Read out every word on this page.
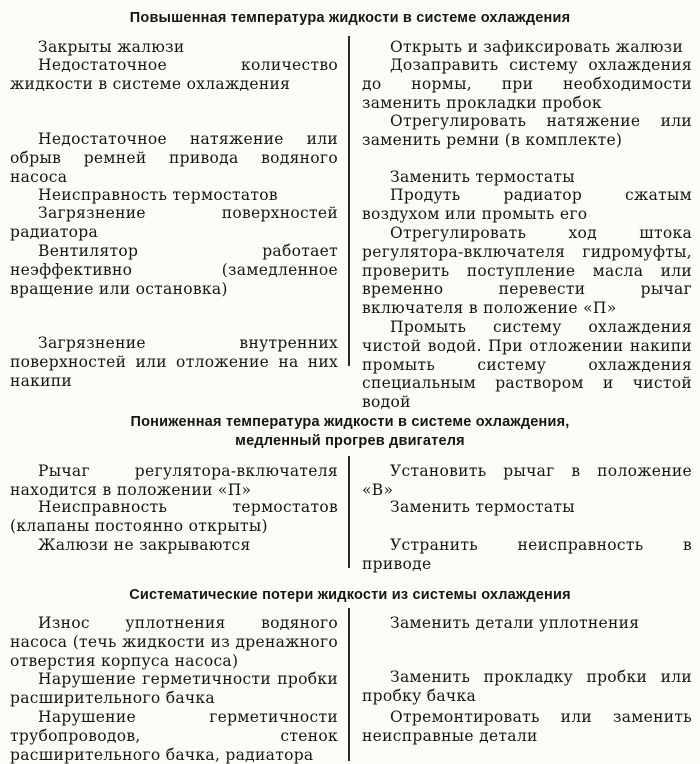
Повышенная температура жидкости в системе охлаждения
Закрыты жалюзи
Недостаточное количество жидкости в системе охлаждения
Недостаточное натяжение или обрыв ремней привода водяного насоса
Неисправность термостатов
Загрязнение поверхностей радиатора
Вентилятор работает неэффективно (замедленное вращение или остановка)
Загрязнение внутренних поверхностей или отложение на них накипи
Открыть и зафиксировать жалюзи
Дозаправить систему охлаждения до нормы, при необходимости заменить прокладки пробок
Отрегулировать натяжение или заменить ремни (в комплекте)
Заменить термостаты
Продуть радиатор сжатым воздухом или промыть его
Отрегулировать ход штока регулятора-включателя гидромуфты, проверить поступление масла или временно перевести рычаг включателя в положение «П»
Промыть систему охлаждения чистой водой. При отложении накипи промыть систему охлаждения специальным раствором и чистой водой
Пониженная температура жидкости в системе охлаждения,
медленный прогрев двигателя
Рычаг регулятора-включателя находится в положении «П»
Неисправность термостатов (клапаны постоянно открыты)
Жалюзи не закрываются
Установить рычаг в положение «В»
Заменить термостаты
Устранить неисправность в приводе
Систематические потери жидкости из системы охлаждения
Износ уплотнения водяного насоса (течь жидкости из дренажного отверстия корпуса насоса)
Нарушение герметичности пробки расширительного бачка
Нарушение герметичности трубопроводов, стенок расширительного бачка, радиатора
Заменить детали уплотнения
Заменить прокладку пробки или пробку бачка
Отремонтировать или заменить неисправные детали
